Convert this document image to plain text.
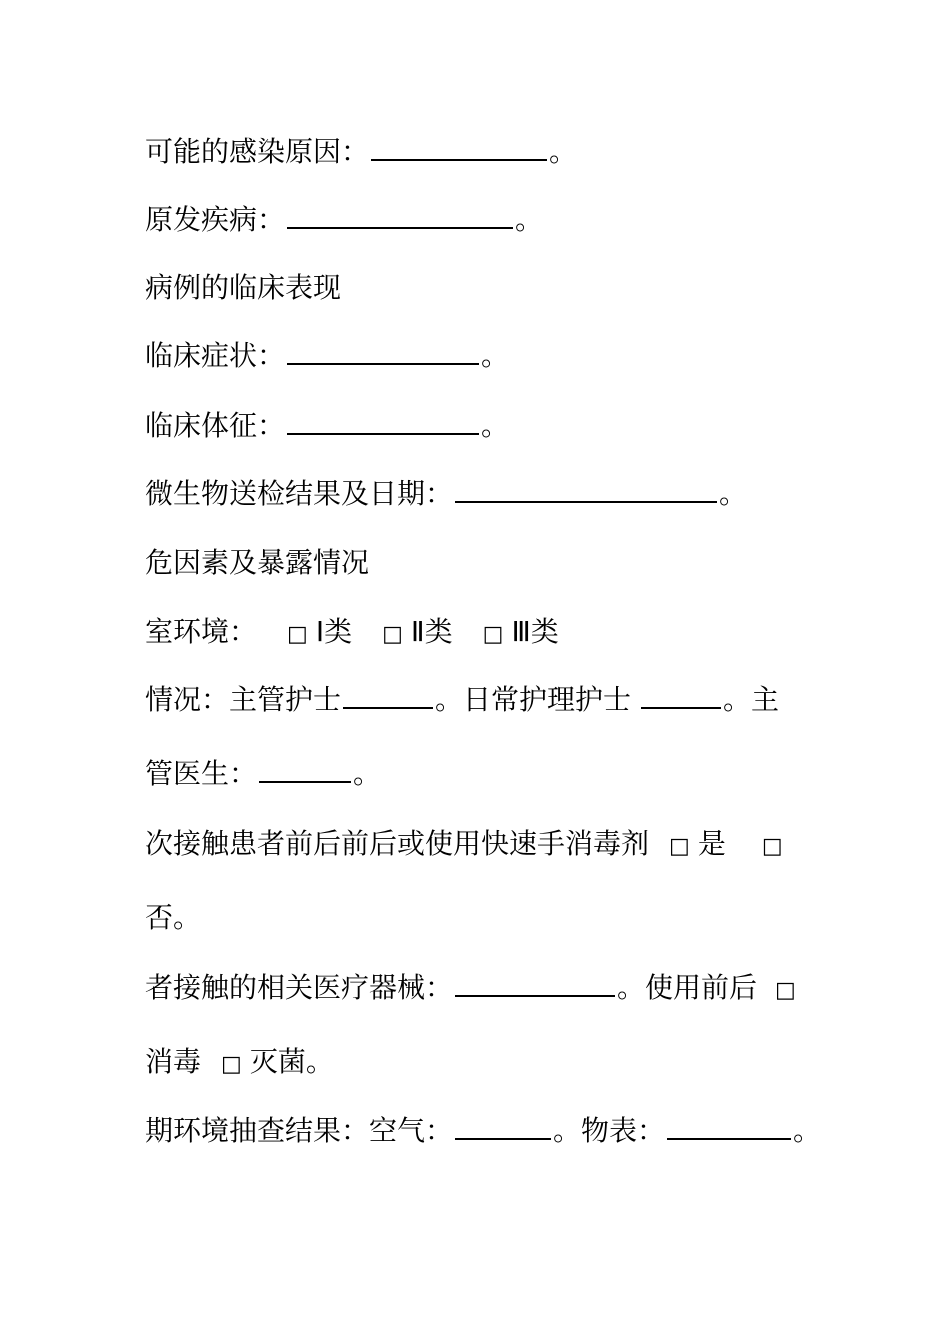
可能的感染原因：	。
原发疾病：	。
病例的临床表现
临床症状：	。
临床体征：	。
微生物送检结果及日期：	。
危因素及暴露情况
室环境： □ Ⅰ类 □ Ⅱ类 □ Ⅲ类
情况：主管护士	。日常护理护士	。主
管医生：	。
次接触患者前后前后或使用快速手消毒剂 □ 是 □
否。
者接触的相关医疗器械：	。使用前后 □
消毒 □ 灭菌。
期环境抽查结果：空气：	。物表：	。
